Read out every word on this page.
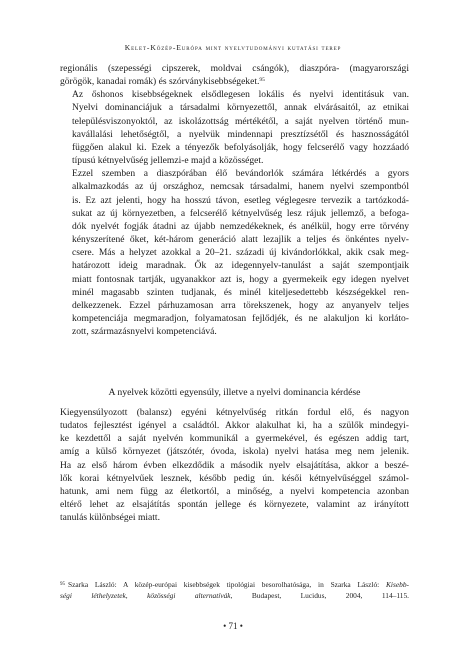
Kelet-Közép-Európa mint nyelvtudományi kutatási terep

regionális (szepességi cipszerek, moldvai csángók), diaszpóra- (magyarországi
görögök, kanadai romák) és szórványkisebbségeket.$^{95}$

Az őshonos kisebbségeknek elsődlegesen lokális és nyelvi identitásuk van.
Nyelvi dominanciájuk a társadalmi környezettől, annak elvárásaitól, az etnikai
településviszonyoktól, az iskolázottság mértékétől, a saját nyelven történő mun-
kavállalási lehetőségtől, a nyelvük mindennapi presztízsétől és hasznosságától
függően alakul ki. Ezek a tényezők befolyásolják, hogy felcserélő vagy hozzáadó
típusú kétnyelvűség jellemzi-e majd a közösséget.

Ezzel szemben a diaszpórában élő bevándorlók számára létkérdés a gyors
alkalmazkodás az új országhoz, nemcsak társadalmi, hanem nyelvi szempontból
is. Ez azt jelenti, hogy ha hosszú távon, esetleg véglegesre tervezik a tartózkodá-
sukat az új környezetben, a felcserélő kétnyelvűség lesz rájuk jellemző, a befoga-
dók nyelvét fogják átadni az újabb nemzedékeknek, és anélkül, hogy erre törvény
kényszerítené őket, két-három generáció alatt lezajlik a teljes és önkéntes nyelv-
csere. Más a helyzet azokkal a 20–21. századi új kivándorlókkal, akik csak meg-
határozott ideig maradnak. Ők az idegennyelv-tanulást a saját szempontjaik
miatt fontosnak tartják, ugyanakkor azt is, hogy a gyermekeik egy idegen nyelvet
minél magasabb szinten tudjanak, és minél kiteljesedettebb készségekkel ren-
delkezzenek. Ezzel párhuzamosan arra törekszenek, hogy az anyanyelv teljes
kompetenciája megmaradjon, folyamatosan fejlődjék, és ne alakuljon ki korláto-
zott, származásnyelvi kompetenciává.

A nyelvek közötti egyensúly, illetve a nyelvi dominancia kérdése

Kiegyensúlyozott (balansz) egyéni kétnyelvűség ritkán fordul elő, és nagyon
tudatos fejlesztést igényel a családtól. Akkor alakulhat ki, ha a szülők mindegyi-
ke kezdettől a saját nyelvén kommunikál a gyermekével, és egészen addig tart,
amíg a külső környezet (játszótér, óvoda, iskola) nyelvi hatása meg nem jelenik.
Ha az első három évben elkezdődik a második nyelv elsajátítása, akkor a beszé-
lők korai kétnyelvűek lesznek, később pedig ún. késői kétnyelvűséggel számol-
hatunk, ami nem függ az életkortól, a minőség, a nyelvi kompetencia azonban
eltérő lehet az elsajátítás spontán jellege és környezete, valamint az irányított
tanulás különbségei miatt.

$^{95}$ Szarka László: A közép-európai kisebbségek tipológiai besorolhatósága, in Szarka László: Kisebb-
ségi léthelyzetek, közösségi alternatívák, Budapest, Lucidus, 2004, 114–115.
• 71 •
